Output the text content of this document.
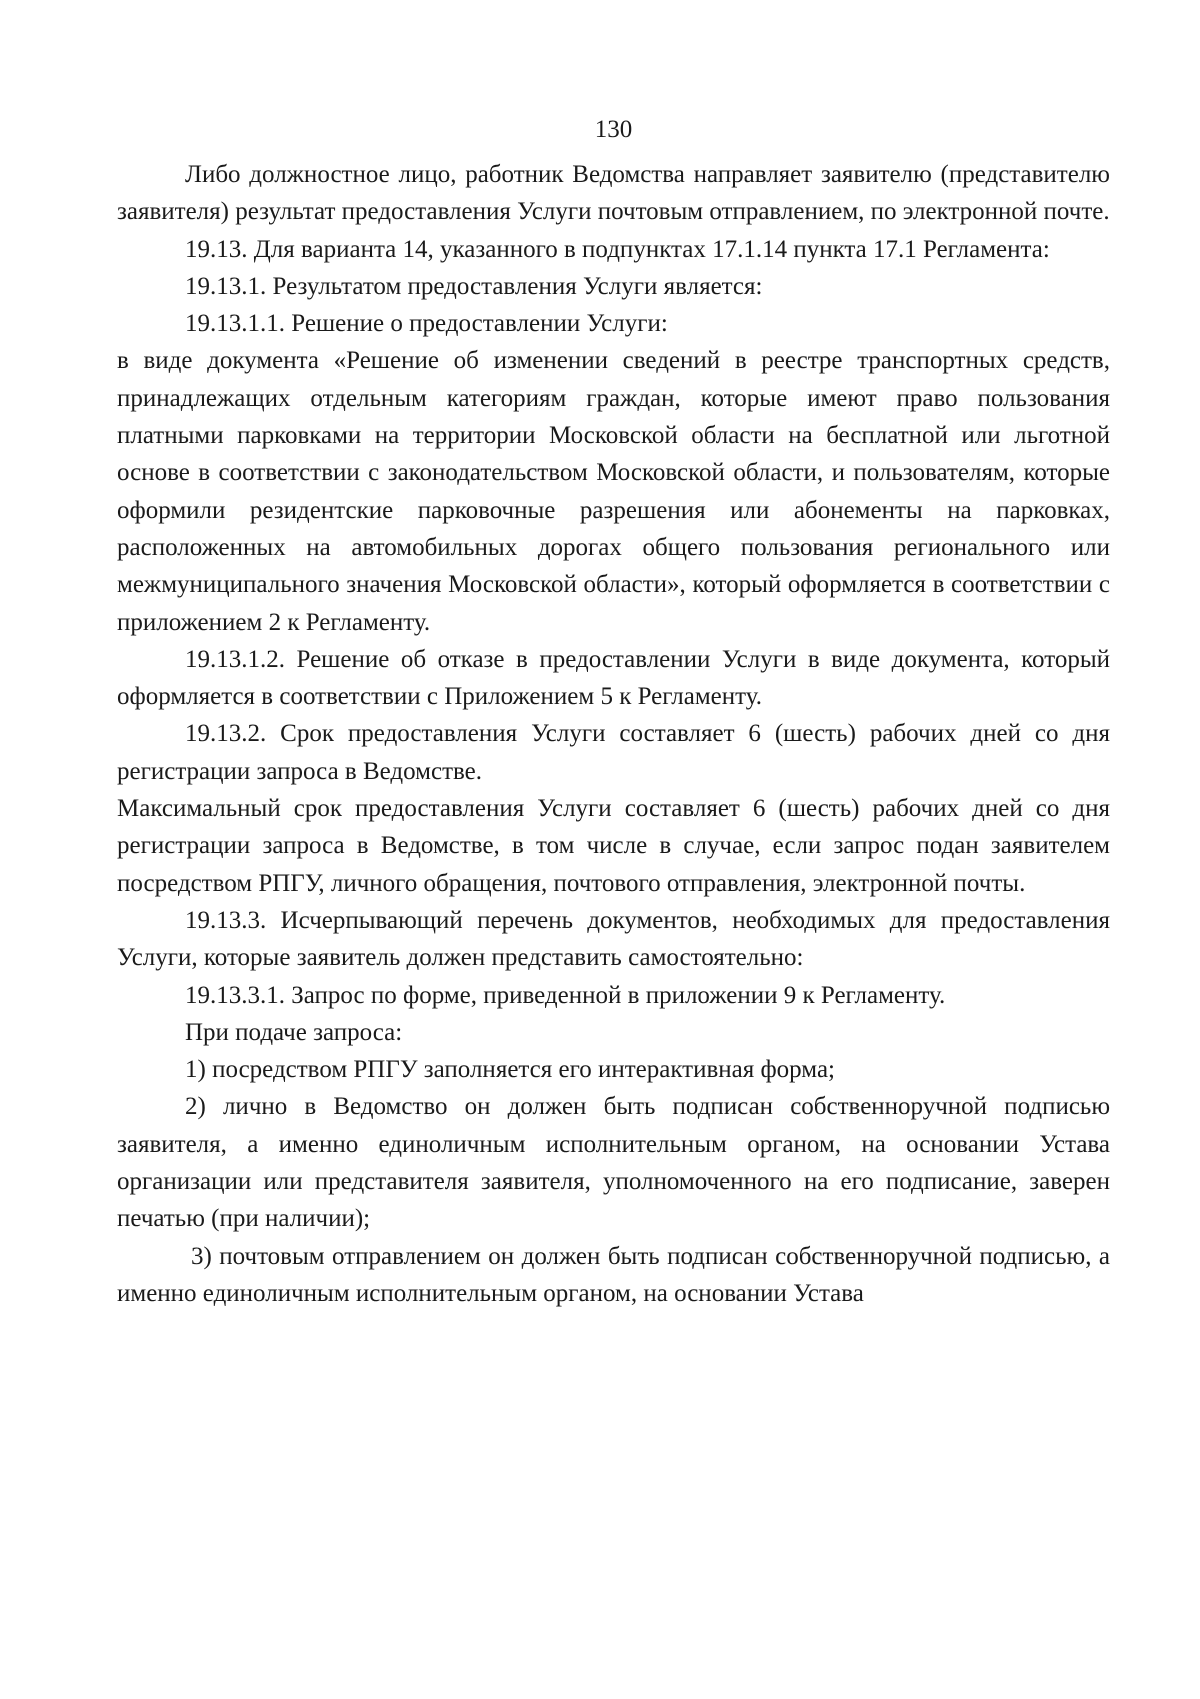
130

Либо должностное лицо, работник Ведомства направляет заявителю (представителю заявителя) результат предоставления Услуги почтовым отправлением, по электронной почте.

19.13. Для варианта 14, указанного в подпунктах 17.1.14 пункта 17.1 Регламента:

19.13.1. Результатом предоставления Услуги является:

19.13.1.1. Решение о предоставлении Услуги:

в виде документа «Решение об изменении сведений в реестре транспортных средств, принадлежащих отдельным категориям граждан, которые имеют право пользования платными парковками на территории Московской области на бесплатной или льготной основе в соответствии с законодательством Московской области, и пользователям, которые оформили резидентские парковочные разрешения или абонементы на парковках, расположенных на автомобильных дорогах общего пользования регионального или межмуниципального значения Московской области», который оформляется в соответствии с приложением 2 к Регламенту.

19.13.1.2. Решение об отказе в предоставлении Услуги в виде документа, который оформляется в соответствии с Приложением 5 к Регламенту.

19.13.2. Срок предоставления Услуги составляет 6 (шесть) рабочих дней со дня регистрации запроса в Ведомстве.

Максимальный срок предоставления Услуги составляет 6 (шесть) рабочих дней со дня регистрации запроса в Ведомстве, в том числе в случае, если запрос подан заявителем посредством РПГУ, личного обращения, почтового отправления, электронной почты.

19.13.3. Исчерпывающий перечень документов, необходимых для предоставления Услуги, которые заявитель должен представить самостоятельно:

19.13.3.1. Запрос по форме, приведенной в приложении 9 к Регламенту.

При подаче запроса:

1) посредством РПГУ заполняется его интерактивная форма;

2) лично в Ведомство он должен быть подписан собственноручной подписью заявителя, а именно единоличным исполнительным органом, на основании Устава организации или представителя заявителя, уполномоченного на его подписание, заверен печатью (при наличии);

3) почтовым отправлением он должен быть подписан собственноручной подписью, а именно единоличным исполнительным органом, на основании Устава
